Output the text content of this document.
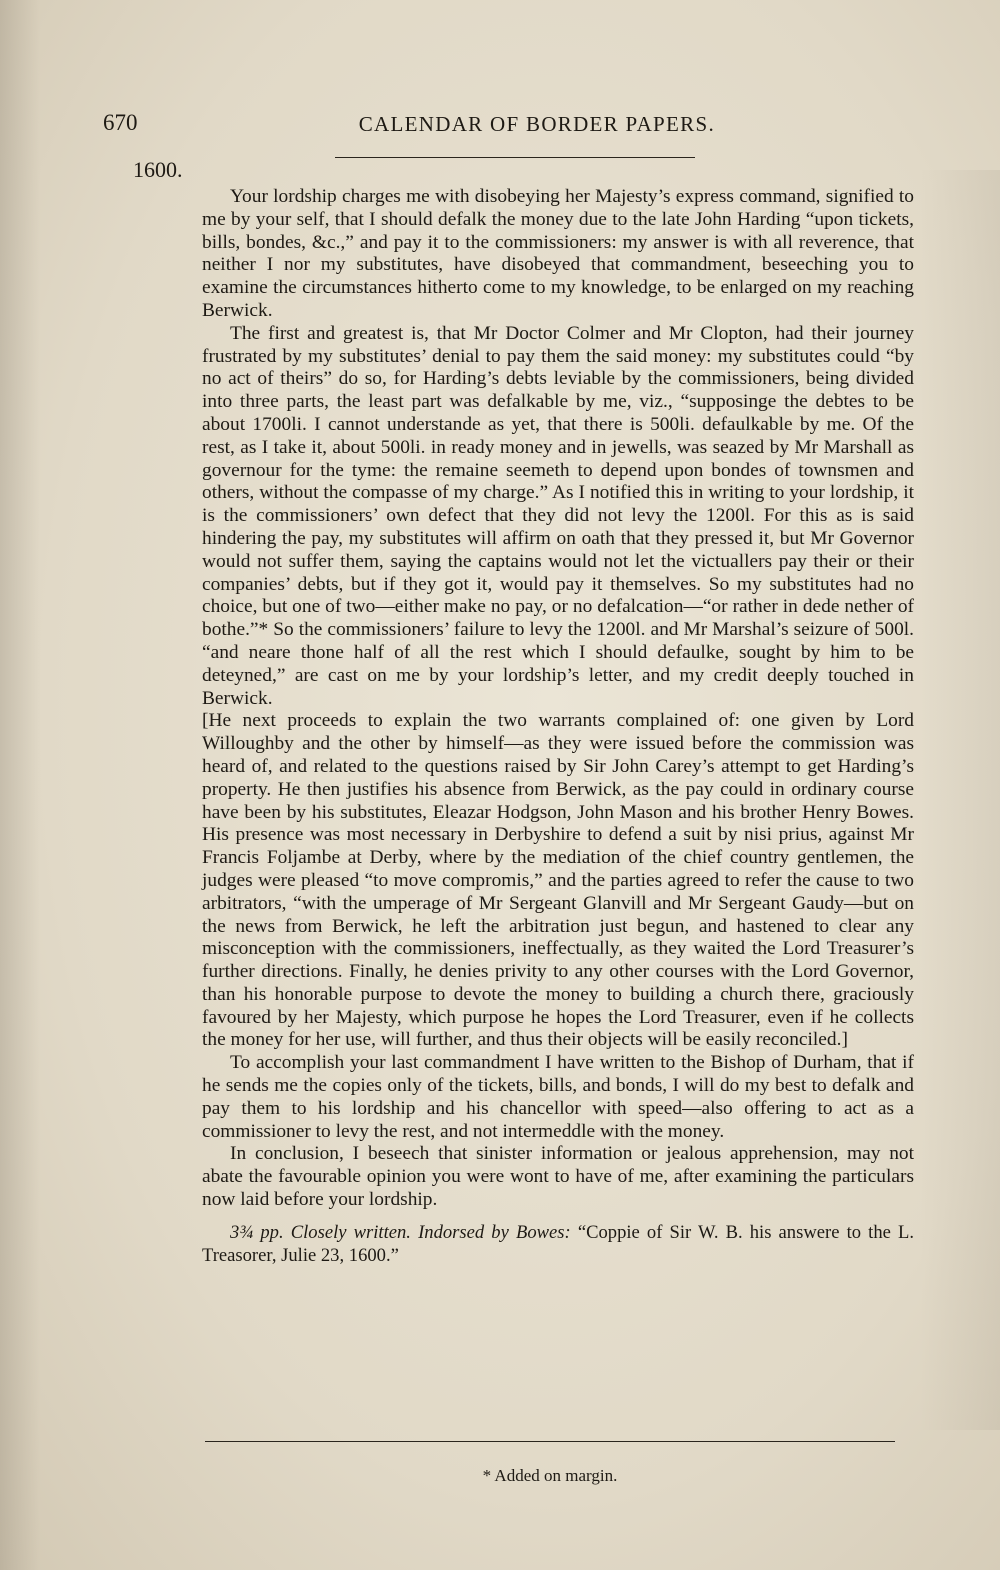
670	CALENDAR OF BORDER PAPERS.
1600.

Your lordship charges me with disobeying her Majesty’s express command, signified to me by your self, that I should defalk the money due to the late John Harding “upon tickets, bills, bondes, &c.,” and pay it to the commissioners: my answer is with all reverence, that neither I nor my substitutes, have disobeyed that commandment, beseeching you to examine the circumstances hitherto come to my knowledge, to be enlarged on my reaching Berwick.

The first and greatest is, that Mr Doctor Colmer and Mr Clopton, had their journey frustrated by my substitutes’ denial to pay them the said money: my substitutes could “by no act of theirs” do so, for Harding’s debts leviable by the commissioners, being divided into three parts, the least part was defalkable by me, viz., “supposinge the debtes to be about 1700li. I cannot understande as yet, that there is 500li. defaulkable by me. Of the rest, as I take it, about 500li. in ready money and in jewells, was seazed by Mr Marshall as governour for the tyme: the remaine seemeth to depend upon bondes of townsmen and others, without the compasse of my charge.” As I notified this in writing to your lordship, it is the commissioners’ own defect that they did not levy the 1200l. For this as is said hindering the pay, my substitutes will affirm on oath that they pressed it, but Mr Governor would not suffer them, saying the captains would not let the victuallers pay their or their companies’ debts, but if they got it, would pay it themselves. So my substitutes had no choice, but one of two—either make no pay, or no defalcation—“or rather in dede nether of bothe.”* So the commissioners’ failure to levy the 1200l. and Mr Marshal’s seizure of 500l. “and neare thone half of all the rest which I should defaulke, sought by him to be deteyned,” are cast on me by your lordship’s letter, and my credit deeply touched in Berwick.

[He next proceeds to explain the two warrants complained of: one given by Lord Willoughby and the other by himself—as they were issued before the commission was heard of, and related to the questions raised by Sir John Carey’s attempt to get Harding’s property. He then justifies his absence from Berwick, as the pay could in ordinary course have been by his substitutes, Eleazar Hodgson, John Mason and his brother Henry Bowes. His presence was most necessary in Derbyshire to defend a suit by nisi prius, against Mr Francis Foljambe at Derby, where by the mediation of the chief country gentlemen, the judges were pleased “to move compromis,” and the parties agreed to refer the cause to two arbitrators, “with the umperage of Mr Sergeant Glanvill and Mr Sergeant Gaudy—but on the news from Berwick, he left the arbitration just begun, and hastened to clear any misconception with the commissioners, ineffectually, as they waited the Lord Treasurer’s further directions. Finally, he denies privity to any other courses with the Lord Governor, than his honorable purpose to devote the money to building a church there, graciously favoured by her Majesty, which purpose he hopes the Lord Treasurer, even if he collects the money for her use, will further, and thus their objects will be easily reconciled.]

To accomplish your last commandment I have written to the Bishop of Durham, that if he sends me the copies only of the tickets, bills, and bonds, I will do my best to defalk and pay them to his lordship and his chancellor with speed—also offering to act as a commissioner to levy the rest, and not intermeddle with the money.

In conclusion, I beseech that sinister information or jealous apprehension, may not abate the favourable opinion you were wont to have of me, after examining the particulars now laid before your lordship.

3¾ pp. Closely written. Indorsed by Bowes: “Coppie of Sir W. B. his answere to the L. Treasorer, Julie 23, 1600.”

* Added on margin.
